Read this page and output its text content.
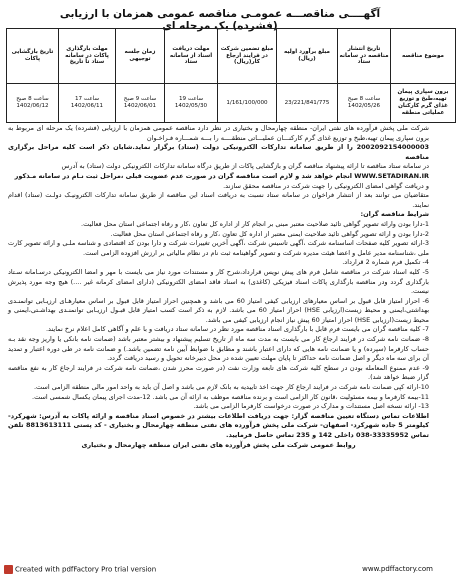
آگهــــی مناقصـــه عمومـی مناقصه عمومی همزمان با ارزیابی (فشرده) یک مرحله ای
موضوع مناقصه	تاریخ انتشار مناقصه در سامانه ستاد	مبلغ برآورد اولیه (ریال)	مبلغ تضمین شرکت در فرایند ارجاع کار(ریال)	مهلت دریافت اسناد از سامانه ستاد	زمان جلسه توجیهی	مهلت بارگذاری پاکات در سامانه ستاد تا تاریخ	تاریخ بازگشایی پاکات
برون سپاری پیمان تهیه،طبخ و توزیع غذای گرم کارکنان عملیاتی منطقه	ساعت 8 صبح 1402/05/26	23/221/841/775	1/161/100/000	ساعت 19 1402/05/30	ساعت 9 صبح 1402/06/01	ساعت 17 1402/06/11	ساعت 8 صبح 1402/06/12

شرکت ملی پخش فرآورده های نفتی ایران- منطقه چهارمحال و بختیاری در نظر دارد مناقصه عمومی همزمان با ارزیابی (فشرده) یک مرحله ای مربوط به برون سپاری پیمان تهیه،طبخ و توزیع غذای گرم کارکنـــان عملیـــاتی منطقــــه را بـــه شمـــاره فـراخـوان

2002092154000003 را از طریق سامانه تدارکات الکترونیکی دولت (ستاد) برگزار نماید.شایان ذکر است کلیه مراحل برگزاری مناقصه

در سامانه ستاد مناقصه تا ارائه پیشنهاد مناقصه گران و بازگشایی پاکات از طریق درگاه سامانه تدارکات الکترونیکی دولت (ستاد) به آدرس

WWW.SETADIRAN.IR انجام خواهد شد و لازم است مناقصه گران در صورت عدم عضویت قبلی ،مراحل ثبت نـام در سامانه مـذکور

و دریافت گواهی امضای الکترونیکی را جهت شرکت در مناقصه محقق سازند.

متقاضیان می توانند بعد از انتشار فراخوان در سامانه ستاد نسبت به دریافت اسناد این مناقصه از طریق سامانه تدارکات الکترونیـک دولـت (ستاد) اقدام نمایند.

شرایط مناقصه گران:

1-دارا بودن وارائه تصویر گواهی تائید صلاحیت معتبر مبنی بر انجام کار از اداره کل تعاون ،کار و رفاه اجتماعی استان محل فعالیت.

2-دارا بودن و ارائه تصویر گواهی تائید صلاحیت ایمنی معتبر از اداره کل تعاون ،کار و رفاه اجتماعی استان محل فعالیت.

3-ارائه تصویر کلیه صفحات اساسنامه شرکت ،آگهی تاسیس شرکت ،آگهی آخرین تغییرات شرکت و دارا بودن کد اقتصادی و شناسه ملـی و ارائه تصویر کارت ملی ،شناسنامه مدیر عامل و اعضا هیئت مدیره شرکت و تصویر گواهینامه ثبت نام در نظام مالیاتی بر ارزش افزوده الزامی است.

4- تکمیل فرم شماره 2 قرارداد.

5- کلیه اسناد شرکت در مناقصه شامل فرم های پیش نویس قرارداد،شرح کار و مستندات مورد نیاز می بایست با مهر و امضا الکترونیکی درسـامانه سـتاد بارگذاری گردد ودر مناقصه بارگذاری پاکات اسناد فیزیکی (کاغذی) به اسناد فاقد امضای الکترونیکی (دارای امضای کرمانه غیر ....) هیچ وجه مورد پذیرش نیست.

6- احراز امتیاز قابل قبول بر اساس معیارهای ارزیابی کیفی امتیاز 60 می باشد و همچنین احراز امتیاز قابل قبول بر اساس معیارهـای ارزیـابی توانمنـدی بهداشتی،ایمنی و محیط زیست(ارزیابی HSE) احراز امتیاز 60 می باشد. لازم به ذکر است کسب امتیاز قابل قبـول ارزیـابی توانمنـدی بهداشـتی،ایمنی و محیط زیست(ارزیابی HSE) احراز امتیاز 60 پیش نیاز انجام ارزیابی کیفی می باشد.

7- کلیه مناقصه گران می بایست فرم قابل با بارگذاری اسناد مناقصه مورد نظر در سامانه ستاد دریافت و با علم و آگاهی کامل اعلام نرخ نمایند.

8- ضمانت نامه شرکت در فرایند ارجاع کار می بایست به مدت سه ماه از تاریخ تسلیم پیشنهاد و بیشتر معتبر باشد (ضمانت نامه بانکی یا واریز وجه نقد بـه حساب کارفرما (سپرده) و یا ضمانت نامه هایی که دارای اعتبار باشند و مطابق با ضوابط آیین نامه تضمین باشد.) و ضمانت نامه در طی دوره اعتبار و تمدید آن برای سه ماه دیگر و اصل ضمانت نامه حداکثر تا پایان مهلت تعیین شده در محل دبیرخانه تحویل و رسید دریافت گردد.

9- عدم ممنوع المعامله بودن در سطح کلیه شرکت های تابعه وزارت نفت (در صورت محرز شدن ،ضمانت نامه شرکت در فرایند ارجاع کار به نفع مناقصه گزار ضبط خواهد شد).

10-ارائه کپی ضمانت نامه شرکت در فرایند ارجاع کار جهت اخذ تاییدیه به بانک لازم می باشد و اصل آن باید به واحد امور مالی منطقه الزامی است.

11-بیمه کارفرما و بیمه مسئولیت ،قانون کار الزامی است و برنده مناقصه موظف به ارائه آن می باشد. 12-مدت اجرای پیمان یکسال شمسی است.

13- ارائه نسخه اصل مستندات و مدارک در صورت درخواست کارفرما الزامی می باشد.

اطلاعات تماس دستگاه تعیین مناقصه گزار: جهت دریافت اطلاعات بیشتر در خصوص اسناد مناقصه و ارائه پاکات به آدرس: شهرکرد-کیلومتر 5 جاده شهرکرد- اصفهان- شرکت ملی پخش فرآورده های نفتی منطقه چهارمحال و بختیاری - کد پستی 8813613111 تلفن تماس 33335952-038 داخلی 142 و 235 تماس حاصل فرمایید.

روابط عمومی شرکت ملی پخش فرآورده های نفتی ایران منطقه چهارمحال و بختیاری

Created with pdfFactory Pro trial version	www.pdffactory.com
